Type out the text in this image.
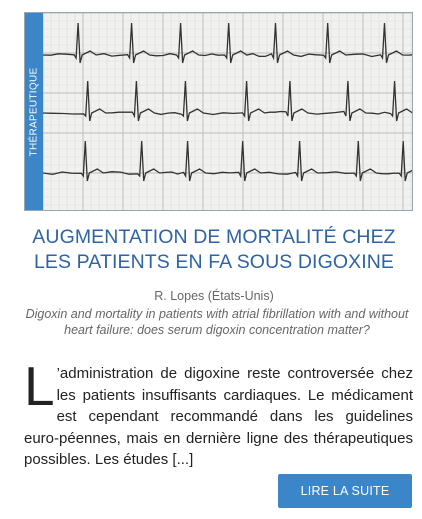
THÉRAPEUTIQUE
AUGMENTATION DE MORTALITÉ CHEZ
LES PATIENTS EN FA SOUS DIGOXINE
R. Lopes (États-Unis)
Digoxin and mortality in patients with atrial fibrillation with and without heart failure: does serum digoxin concentration matter?
L ’administration de digoxine reste controversée chez les patients insuffisants cardiaques. Le médicament est cependant recommandé dans les guidelines euro-péennes, mais en dernière ligne des thérapeutiques possibles. Les études [...]
LIRE LA SUITE
